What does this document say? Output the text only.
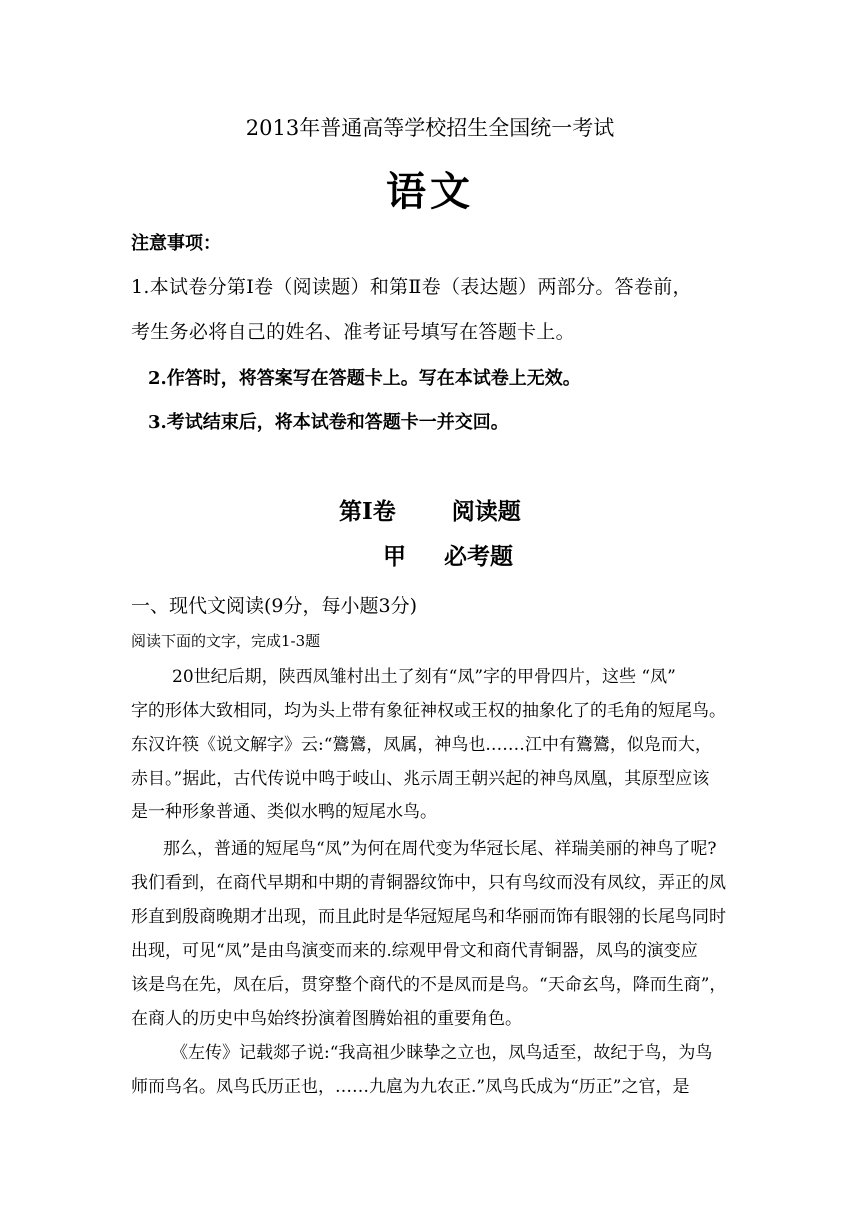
2013年普通高等学校招生全国统一考试
语文
注意事项：
1.本试卷分第Ⅰ卷（阅读题）和第Ⅱ卷（表达题）两部分。答卷前，
考生务必将自己的姓名、准考证号填写在答题卡上。
2.作答时，将答案写在答题卡上。写在本试卷上无效。
3.考试结束后，将本试卷和答题卡一并交回。
第Ⅰ卷 阅读题
甲 必考题
一、现代文阅读(9分，每小题3分)
阅读下面的文字，完成1-3题
20世纪后期，陕西凤雏村出土了刻有“凤”字的甲骨四片，这些 “凤”
字的形体大致相同，均为头上带有象征神权或王权的抽象化了的毛角的短尾鸟。
东汉许筷《说文解字》云:“鷟鷟，凤属，神鸟也.……江中有鷟鷟，似凫而大，
赤目。”据此，古代传说中鸣于岐山、兆示周王朝兴起的神鸟凤凰，其原型应该
是一种形象普通、类似水鸭的短尾水鸟。
那么，普通的短尾鸟“凤”为何在周代变为华冠长尾、祥瑞美丽的神鸟了呢?
我们看到，在商代早期和中期的青铜器纹饰中，只有鸟纹而没有凤纹，弄正的凤
形直到殷商晚期才出现，而且此时是华冠短尾鸟和华丽而饰有眼翎的长尾鸟同时
出现，可见“凤”是由鸟演变而来的.综观甲骨文和商代青铜器，凤鸟的演变应
该是鸟在先，凤在后，贯穿整个商代的不是凤而是鸟。“天命玄鸟，降而生商”，
在商人的历史中鸟始终扮演着图腾始祖的重要角色。
《左传》记载郯子说:“我高祖少睐挚之立也，凤鸟适至，故纪于鸟，为鸟
师而鸟名。凤鸟氏历正也，……九扈为九农正.”凤鸟氏成为“历正”之官，是
